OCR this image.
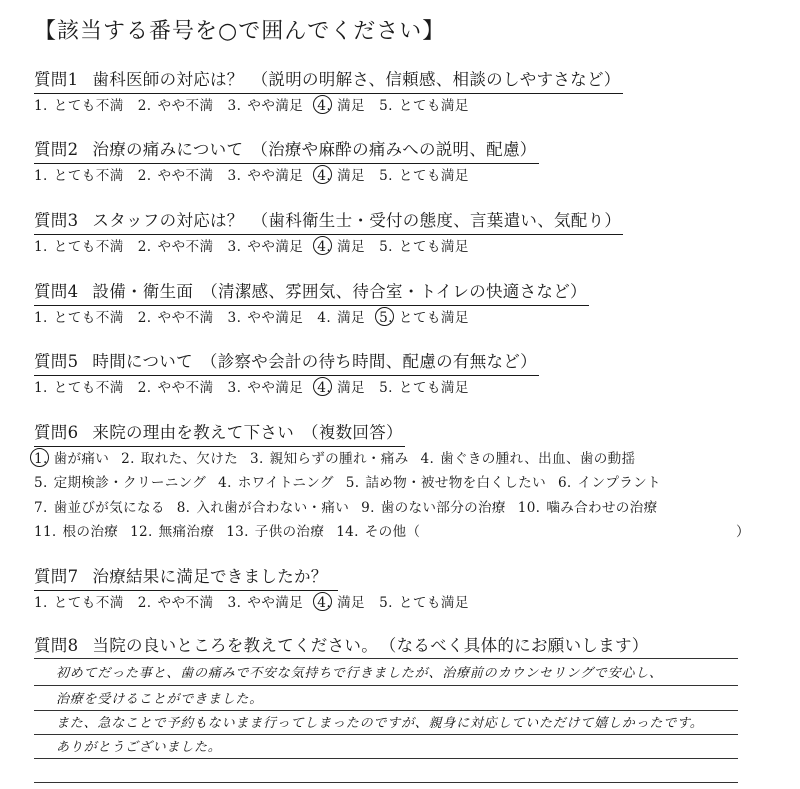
【該当する番号を○で囲んでください】
質問1 歯科医師の対応は？ （説明の明解さ、信頼感、相談のしやすさなど）
1. とても不満 2. やや不満 3. やや満足 4. 満足 5. とても満足
質問2 治療の痛みについて （治療や麻酔の痛みへの説明、配慮）
1. とても不満 2. やや不満 3. やや満足 4. 満足 5. とても満足
質問3 スタッフの対応は？ （歯科衛生士・受付の態度、言葉遣い、気配り）
1. とても不満 2. やや不満 3. やや満足 4. 満足 5. とても満足
質問4 設備・衛生面 （清潔感、雰囲気、待合室・トイレの快適さなど）
1. とても不満 2. やや不満 3. やや満足 4. 満足 5. とても満足
質問5 時間について （診察や会計の待ち時間、配慮の有無など）
1. とても不満 2. やや不満 3. やや満足 4. 満足 5. とても満足
質問6 来院の理由を教えて下さい （複数回答）
1. 歯が痛い 2. 取れた、欠けた 3. 親知らずの腫れ・痛み 4. 歯ぐきの腫れ、出血、歯の動揺
5. 定期検診・クリーニング 4. ホワイトニング 5. 詰め物・被せ物を白くしたい 6. インプラント
7. 歯並びが気になる 8. 入れ歯が合わない・痛い 9. 歯のない部分の治療 10. 噛み合わせの治療
11. 根の治療 12. 無痛治療 13. 子供の治療 14. その他（	）
質問7 治療結果に満足できましたか？
1. とても不満 2. やや不満 3. やや満足 4. 満足 5. とても満足
質問8 当院の良いところを教えてください。 （なるべく具体的にお願いします）
初めてだった事と、歯の痛みで不安な気持ちで行きましたが、治療前のカウンセリングで安心し、
治療を受けることができました。
また、急なことで予約もないまま行ってしまったのですが、親身に対応していただけて嬉しかったです。
ありがとうございました。
